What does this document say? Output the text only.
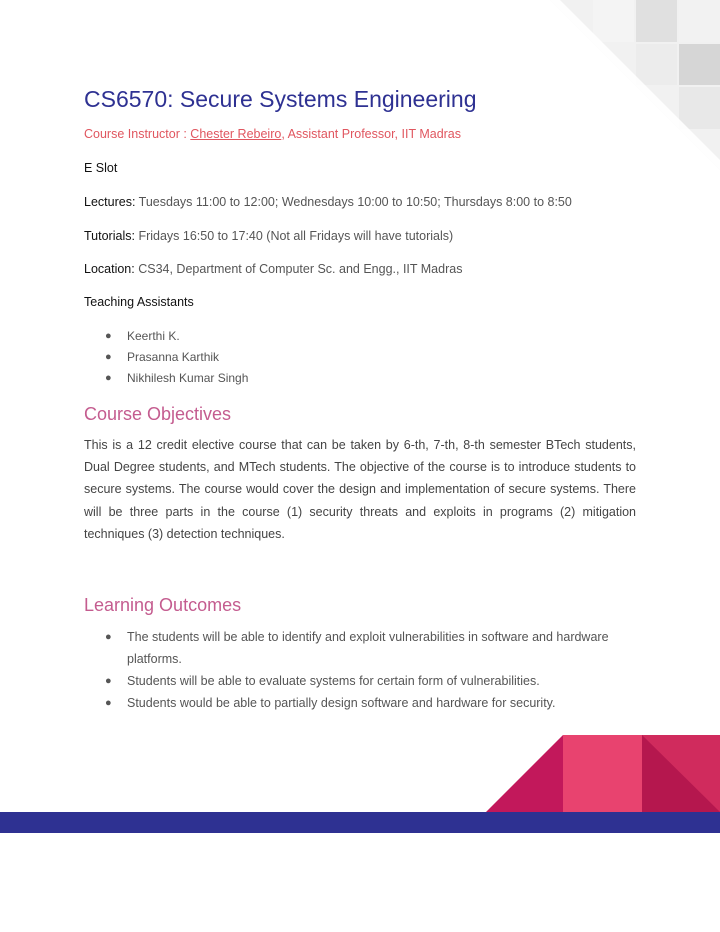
CS6570: Secure Systems Engineering
Course Instructor : Chester Rebeiro, Assistant Professor, IIT Madras
E Slot
Lectures: Tuesdays 11:00 to 12:00; Wednesdays 10:00 to 10:50; Thursdays 8:00 to 8:50
Tutorials: Fridays 16:50 to 17:40 (Not all Fridays will have tutorials)
Location: CS34, Department of Computer Sc. and Engg., IIT Madras
Teaching Assistants
● Keerthi K.
● Prasanna Karthik
● Nikhilesh Kumar Singh
Course Objectives

This is a 12 credit elective course that can be taken by 6-th, 7-th, 8-th semester BTech students, Dual Degree students, and MTech students. The objective of the course is to introduce students to secure systems. The course would cover the design and implementation of secure systems. There will be three parts in the course (1) security threats and exploits in programs (2) mitigation techniques (3) detection techniques.

Learning Outcomes
● The students will be able to identify and exploit vulnerabilities in software and hardware platforms.
● Students will be able to evaluate systems for certain form of vulnerabilities.
● Students would be able to partially design software and hardware for security.
